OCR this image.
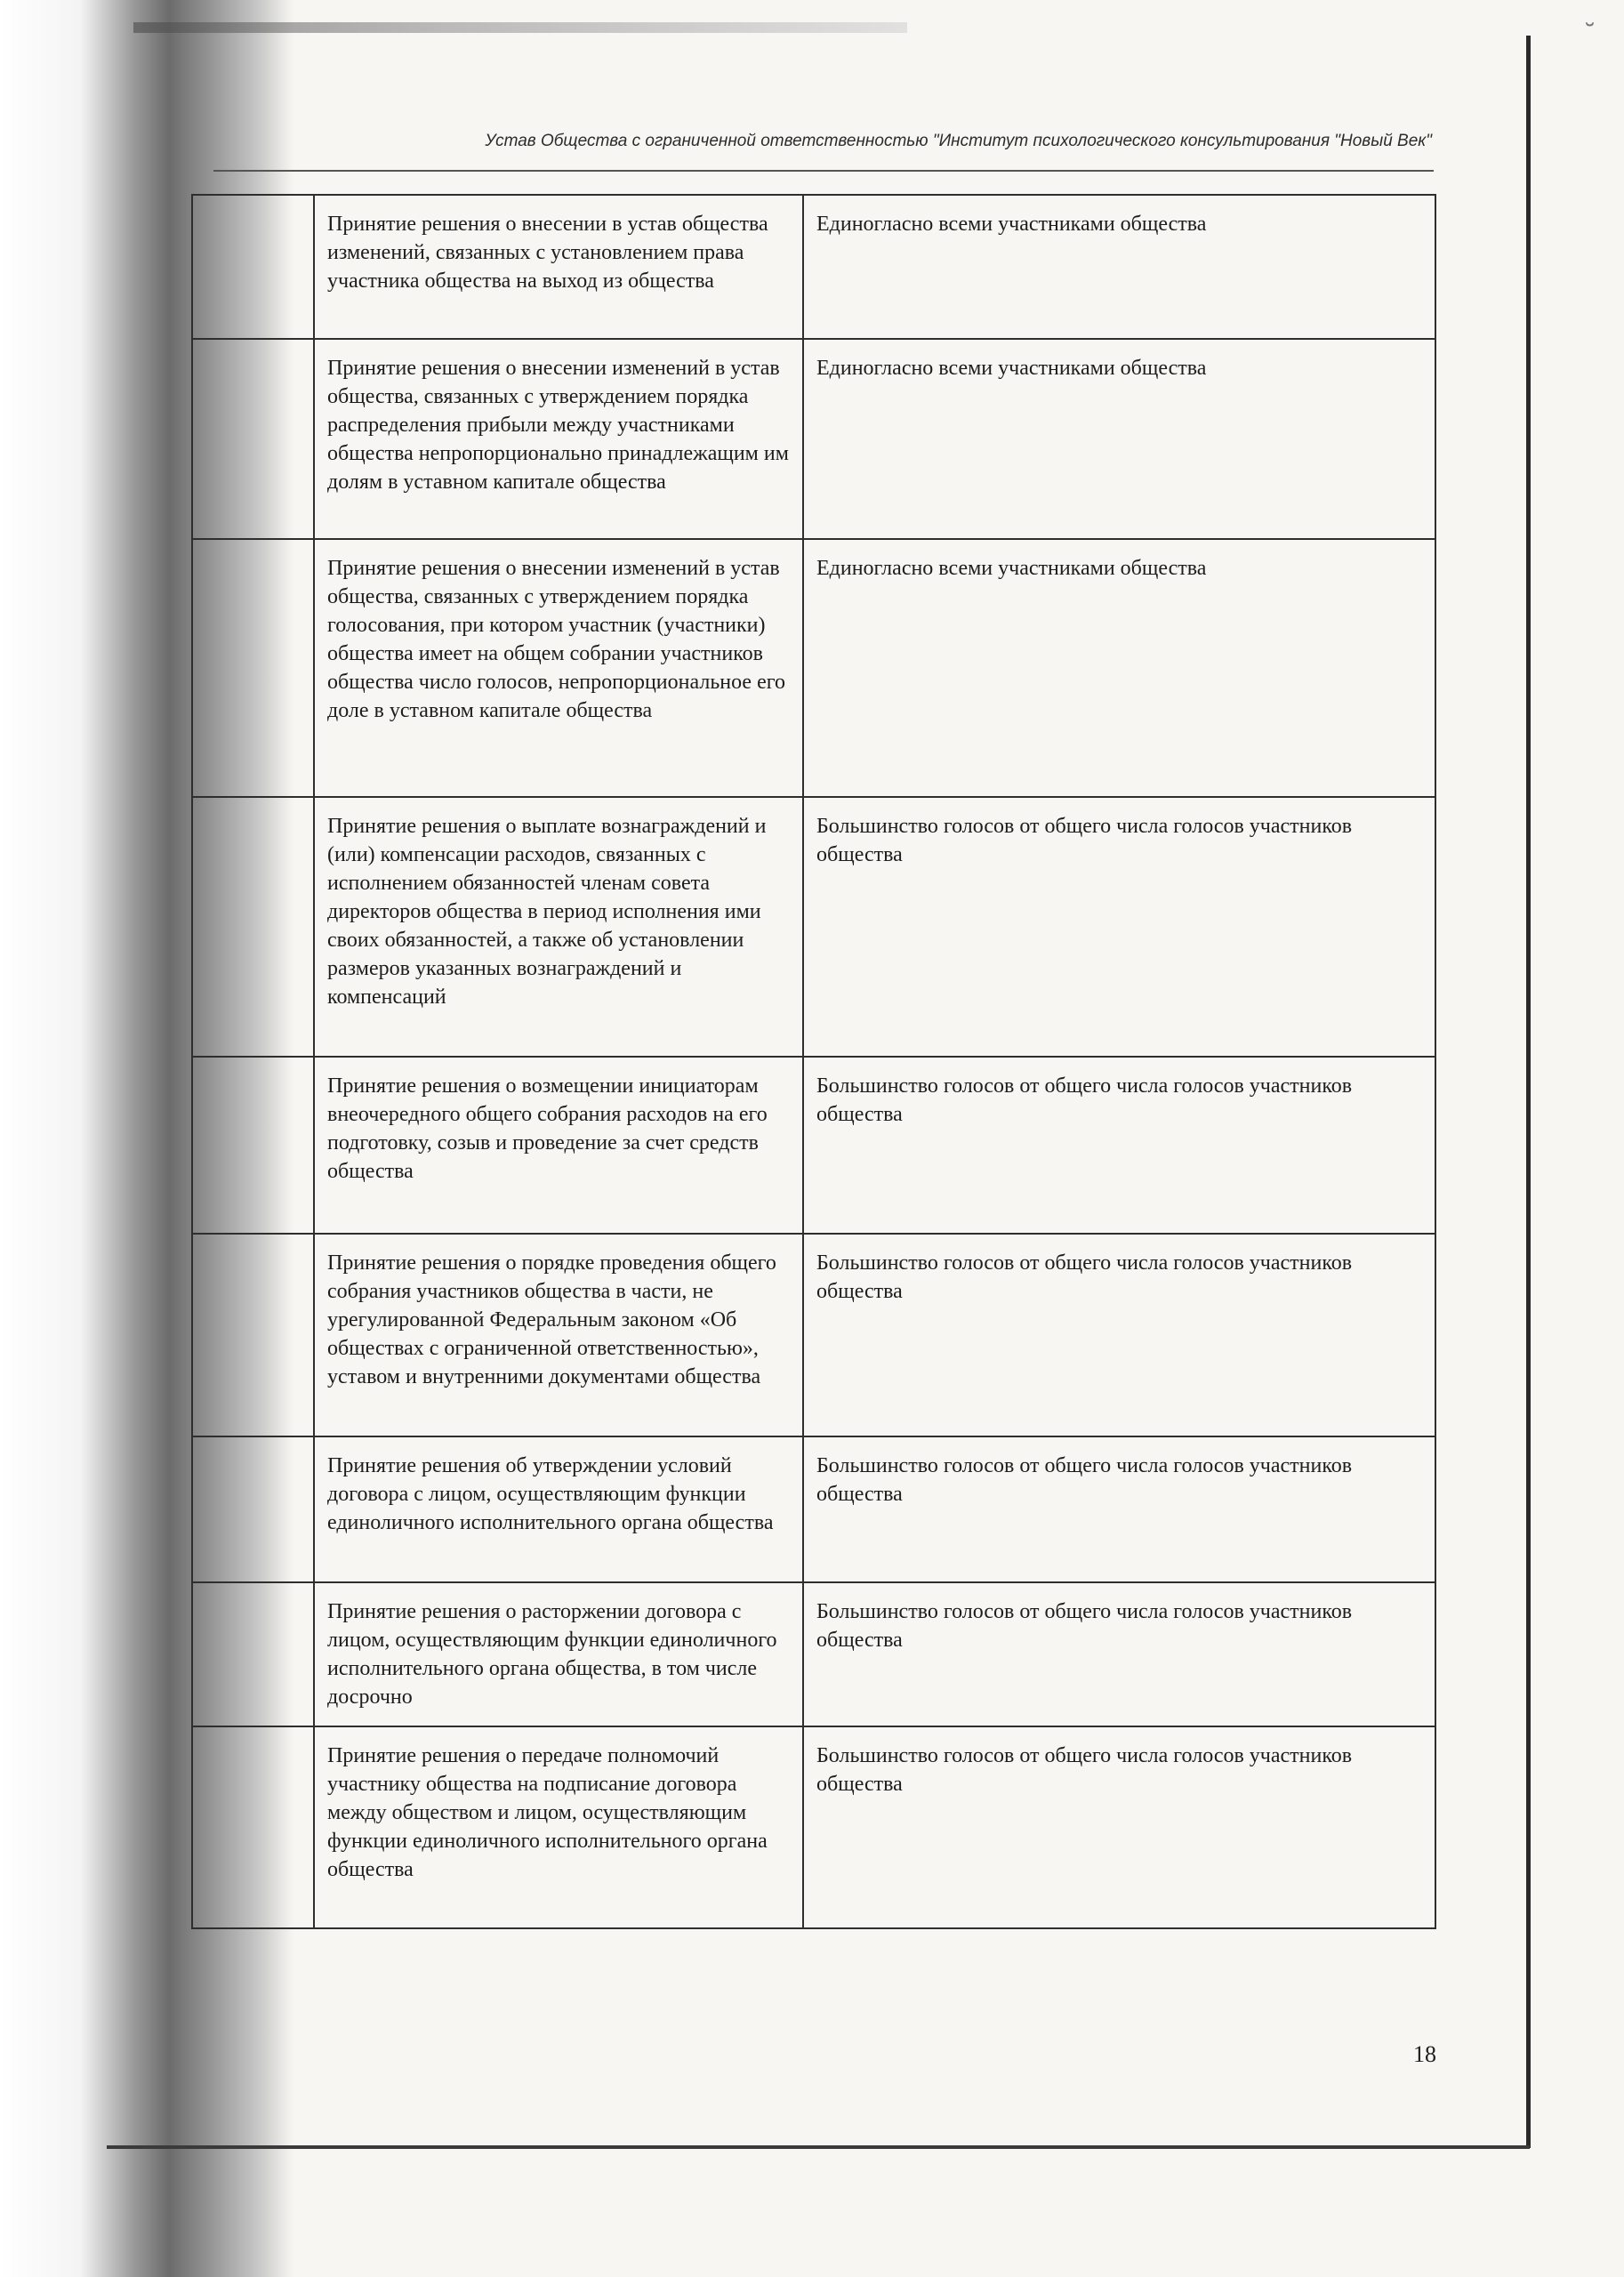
˘
Устав Общества с ограниченной ответственностью "Институт психологического консультирования "Новый Век"
	Принятие решения о внесении в устав общества изменений, связанных с установлением права участника общества на выход из общества	Единогласно всеми участниками общества
	Принятие решения о внесении изменений в устав общества, связанных с утверждением порядка распределения прибыли между участниками общества непропорционально принадлежащим им долям в уставном капитале общества	Единогласно всеми участниками общества
	Принятие решения о внесении изменений в устав общества, связанных с утверждением порядка голосования, при котором участник (участники) общества имеет на общем собрании участников общества число голосов, непропорциональное его доле в уставном капитале общества	Единогласно всеми участниками общества
	Принятие решения о выплате вознаграждений и (или) компенсации расходов, связанных с исполнением обязанностей членам совета директоров общества в период исполнения ими своих обязанностей, а также об установлении размеров указанных вознаграждений и компенсаций	Большинство голосов от общего числа голосов участников общества
	Принятие решения о возмещении инициаторам внеочередного общего собрания расходов на его подготовку, созыв и проведение за счет средств общества	Большинство голосов от общего числа голосов участников общества
	Принятие решения о порядке проведения общего собрания участников общества в части, не урегулированной Федеральным законом «Об обществах с ограниченной ответственностью», уставом и внутренними документами общества	Большинство голосов от общего числа голосов участников общества
	Принятие решения об утверждении условий договора с лицом, осуществляющим функции единоличного исполнительного органа общества	Большинство голосов от общего числа голосов участников общества
	Принятие решения о расторжении договора с лицом, осуществляющим функции единоличного исполнительного органа общества, в том числе досрочно	Большинство голосов от общего числа голосов участников общества
	Принятие решения о передаче полномочий участнику общества на подписание договора между обществом и лицом, осуществляющим функции единоличного исполнительного органа общества	Большинство голосов от общего числа голосов участников общества
18
